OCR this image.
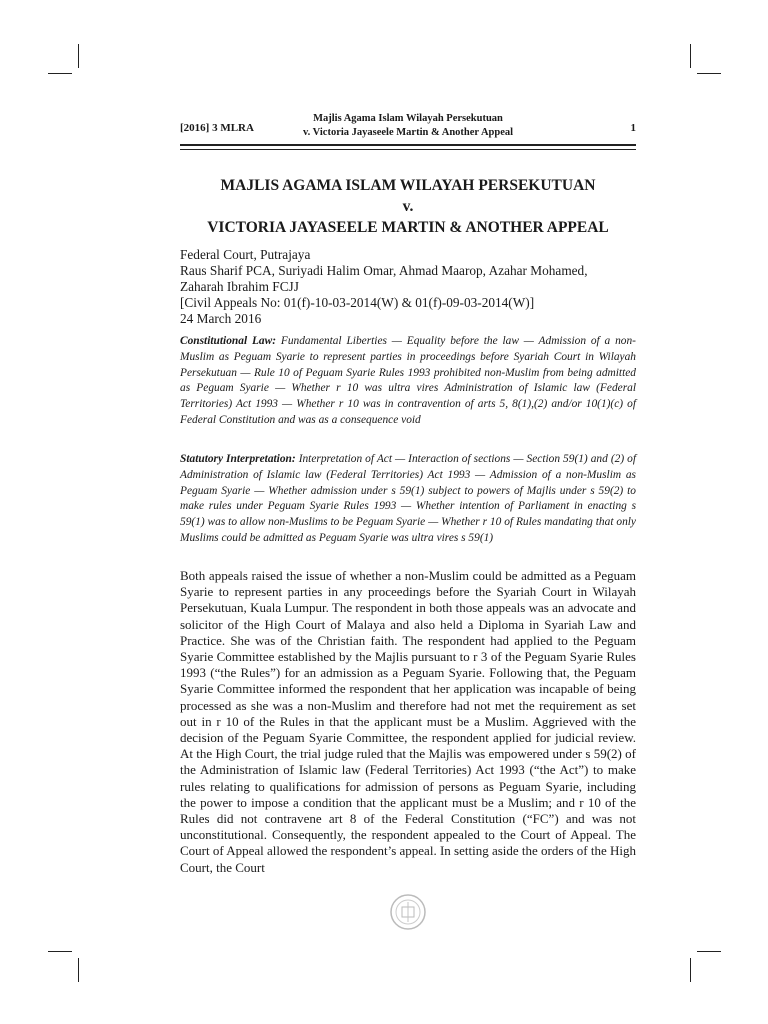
[2016] 3 MLRA
Majlis Agama Islam Wilayah Persekutuan
v. Victoria Jayaseele Martin & Another Appeal	1
MAJLIS AGAMA ISLAM WILAYAH PERSEKUTUAN
v.
VICTORIA JAYASEELE MARTIN & ANOTHER APPEAL
Federal Court, Putrajaya
Raus Sharif PCA, Suriyadi Halim Omar, Ahmad Maarop, Azahar Mohamed,
Zaharah Ibrahim FCJJ
[Civil Appeals No: 01(f)-10-03-2014(W) & 01(f)-09-03-2014(W)]
24 March 2016
Constitutional Law: Fundamental Liberties — Equality before the law — Admission of a non-Muslim as Peguam Syarie to represent parties in proceedings before Syariah Court in Wilayah Persekutuan — Rule 10 of Peguam Syarie Rules 1993 prohibited non-Muslim from being admitted as Peguam Syarie — Whether r 10 was ultra vires Administration of Islamic law (Federal Territories) Act 1993 — Whether r 10 was in contravention of arts 5, 8(1),(2) and/or 10(1)(c) of Federal Constitution and was as a consequence void
Statutory Interpretation: Interpretation of Act — Interaction of sections — Section 59(1) and (2) of Administration of Islamic law (Federal Territories) Act 1993 — Admission of a non-Muslim as Peguam Syarie — Whether admission under s 59(1) subject to powers of Majlis under s 59(2) to make rules under Peguam Syarie Rules 1993 — Whether intention of Parliament in enacting s 59(1) was to allow non-Muslims to be Peguam Syarie — Whether r 10 of Rules mandating that only Muslims could be admitted as Peguam Syarie was ultra vires s 59(1)
Both appeals raised the issue of whether a non-Muslim could be admitted as a Peguam Syarie to represent parties in any proceedings before the Syariah Court in Wilayah Persekutuan, Kuala Lumpur. The respondent in both those appeals was an advocate and solicitor of the High Court of Malaya and also held a Diploma in Syariah Law and Practice. She was of the Christian faith. The respondent had applied to the Peguam Syarie Committee established by the Majlis pursuant to r 3 of the Peguam Syarie Rules 1993 (“the Rules”) for an admission as a Peguam Syarie. Following that, the Peguam Syarie Committee informed the respondent that her application was incapable of being processed as she was a non-Muslim and therefore had not met the requirement as set out in r 10 of the Rules in that the applicant must be a Muslim. Aggrieved with the decision of the Peguam Syarie Committee, the respondent applied for judicial review. At the High Court, the trial judge ruled that the Majlis was empowered under s 59(2) of the Administration of Islamic law (Federal Territories) Act 1993 (“the Act”) to make rules relating to qualifications for admission of persons as Peguam Syarie, including the power to impose a condition that the applicant must be a Muslim; and r 10 of the Rules did not contravene art 8 of the Federal Constitution (“FC”) and was not unconstitutional. Consequently, the respondent appealed to the Court of Appeal. The Court of Appeal allowed the respondent’s appeal. In setting aside the orders of the High Court, the Court
